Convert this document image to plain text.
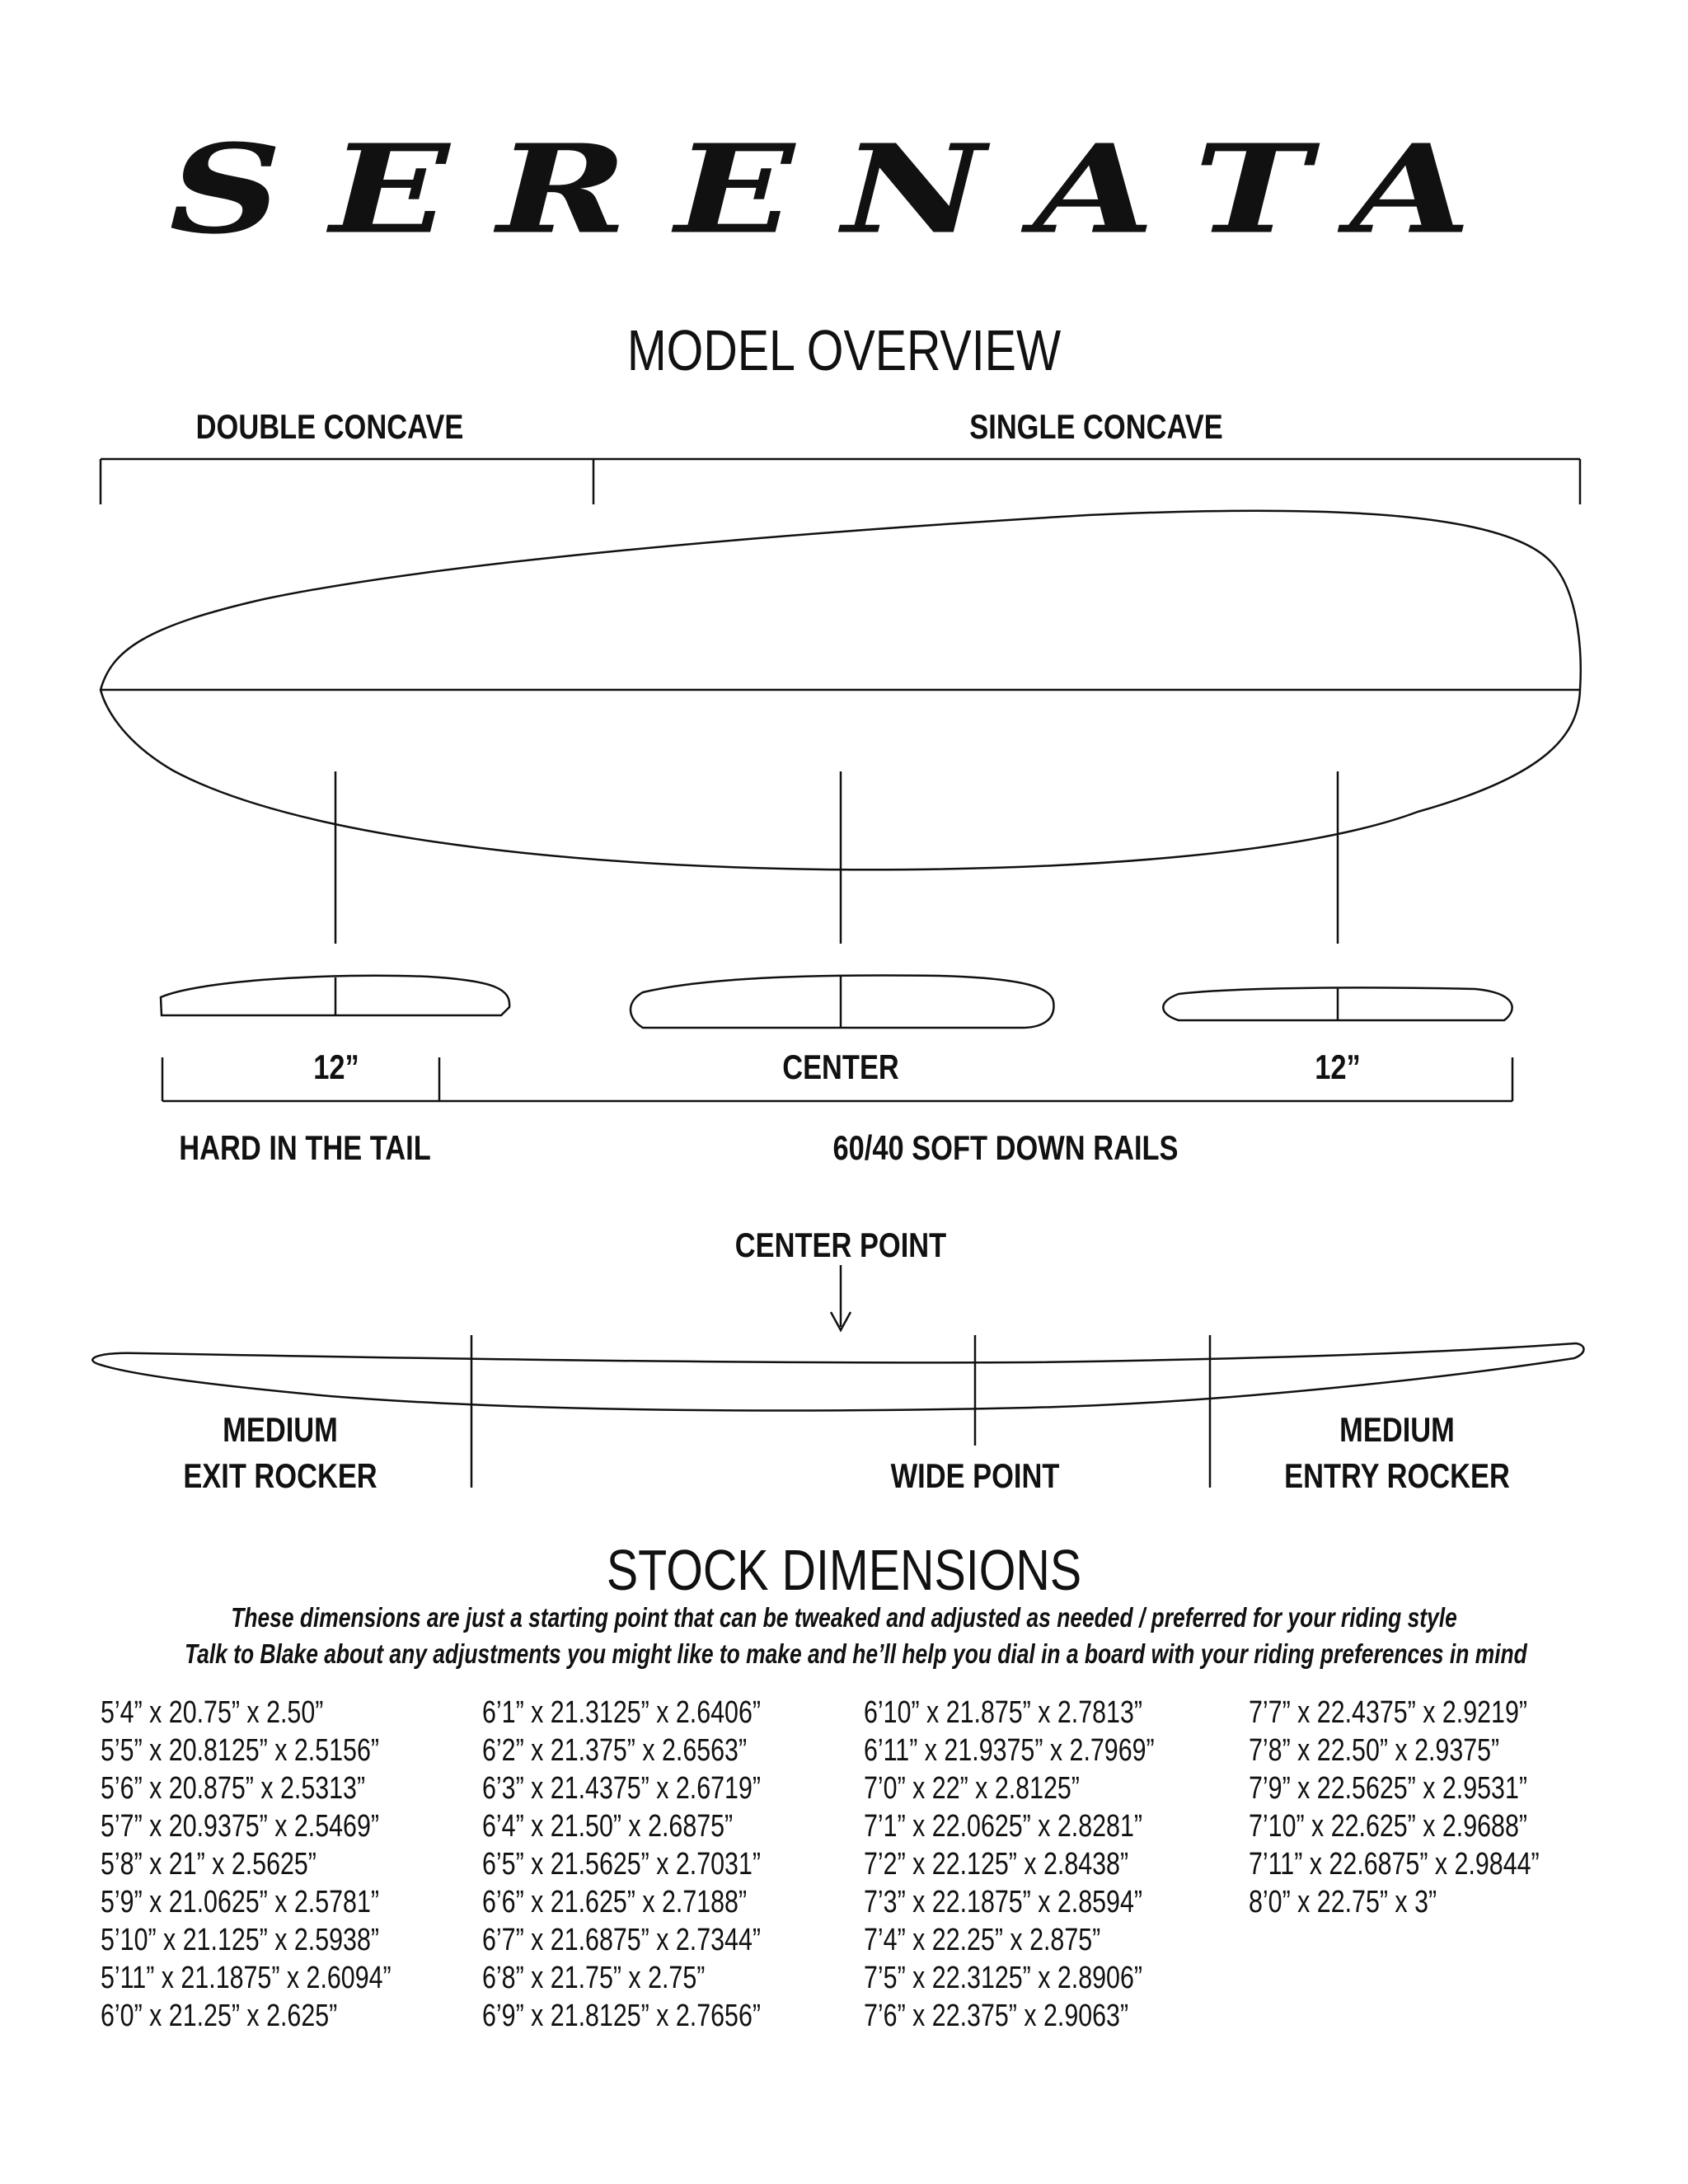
SERENATA
MODEL OVERVIEW
DOUBLE CONCAVE	SINGLE CONCAVE
12”	CENTER	12”
HARD IN THE TAIL	60/40 SOFT DOWN RAILS
CENTER POINT
MEDIUM
EXIT ROCKER	WIDE POINT
MEDIUM
ENTRY ROCKER
STOCK DIMENSIONS
These dimensions are just a starting point that can be tweaked and adjusted as needed / preferred for your riding style
Talk to Blake about any adjustments you might like to make and he’ll help you dial in a board with your riding preferences in mind
5’4” x 20.75” x 2.50”
5’5” x 20.8125” x 2.5156”
5’6” x 20.875” x 2.5313”
5’7” x 20.9375” x 2.5469”
5’8” x 21” x 2.5625”
5’9” x 21.0625” x 2.5781”
5’10” x 21.125” x 2.5938”
5’11” x 21.1875” x 2.6094”
6’0” x 21.25” x 2.625”
6’1” x 21.3125” x 2.6406”
6’2” x 21.375” x 2.6563”
6’3” x 21.4375” x 2.6719”
6’4” x 21.50” x 2.6875”
6’5” x 21.5625” x 2.7031”
6’6” x 21.625” x 2.7188”
6’7” x 21.6875” x 2.7344”
6’8” x 21.75” x 2.75”
6’9” x 21.8125” x 2.7656”
6’10” x 21.875” x 2.7813”
6’11” x 21.9375” x 2.7969”
7’0” x 22” x 2.8125”
7’1” x 22.0625” x 2.8281”
7’2” x 22.125” x 2.8438”
7’3” x 22.1875” x 2.8594”
7’4” x 22.25” x 2.875”
7’5” x 22.3125” x 2.8906”
7’6” x 22.375” x 2.9063”
7’7” x 22.4375” x 2.9219”
7’8” x 22.50” x 2.9375”
7’9” x 22.5625” x 2.9531”
7’10” x 22.625” x 2.9688”
7’11” x 22.6875” x 2.9844”
8’0” x 22.75” x 3”
